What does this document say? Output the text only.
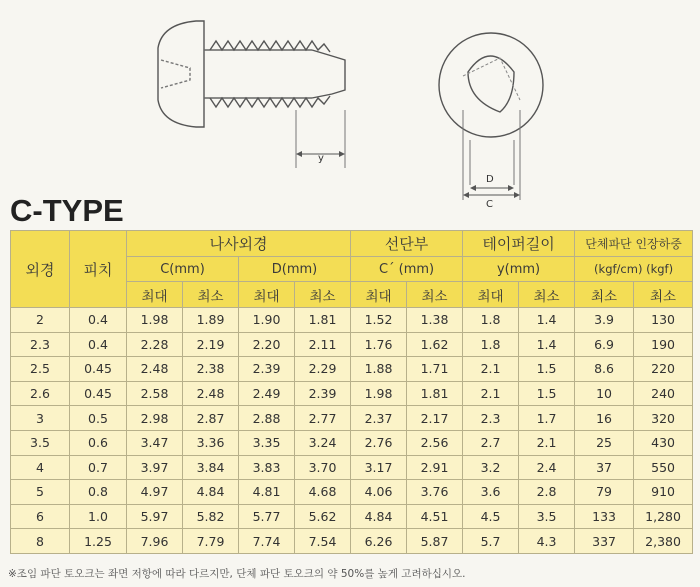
y
D
C
C-TYPE
외경	피치	나사외경				선단부		테이퍼길이		단체파단 인장하중	
		C(mm)		D(mm)		C´ (mm)		y(mm)		(kgf/cm) (kgf)	
		최대	최소	최대	최소	최대	최소	최대	최소	최소	최소
2	0.4	1.98	1.89	1.90	1.81	1.52	1.38	1.8	1.4	3.9	130
2.3	0.4	2.28	2.19	2.20	2.11	1.76	1.62	1.8	1.4	6.9	190
2.5	0.45	2.48	2.38	2.39	2.29	1.88	1.71	2.1	1.5	8.6	220
2.6	0.45	2.58	2.48	2.49	2.39	1.98	1.81	2.1	1.5	10	240
3	0.5	2.98	2.87	2.88	2.77	2.37	2.17	2.3	1.7	16	320
3.5	0.6	3.47	3.36	3.35	3.24	2.76	2.56	2.7	2.1	25	430
4	0.7	3.97	3.84	3.83	3.70	3.17	2.91	3.2	2.4	37	550
5	0.8	4.97	4.84	4.81	4.68	4.06	3.76	3.6	2.8	79	910
6	1.0	5.97	5.82	5.77	5.62	4.84	4.51	4.5	3.5	133	1,280
8	1.25	7.96	7.79	7.74	7.54	6.26	5.87	5.7	4.3	337	2,380
※조임 파단 토오크는 좌면 저항에 따라 다르지만, 단체 파단 토오크의 약 50%를 높게 고려하십시오.
